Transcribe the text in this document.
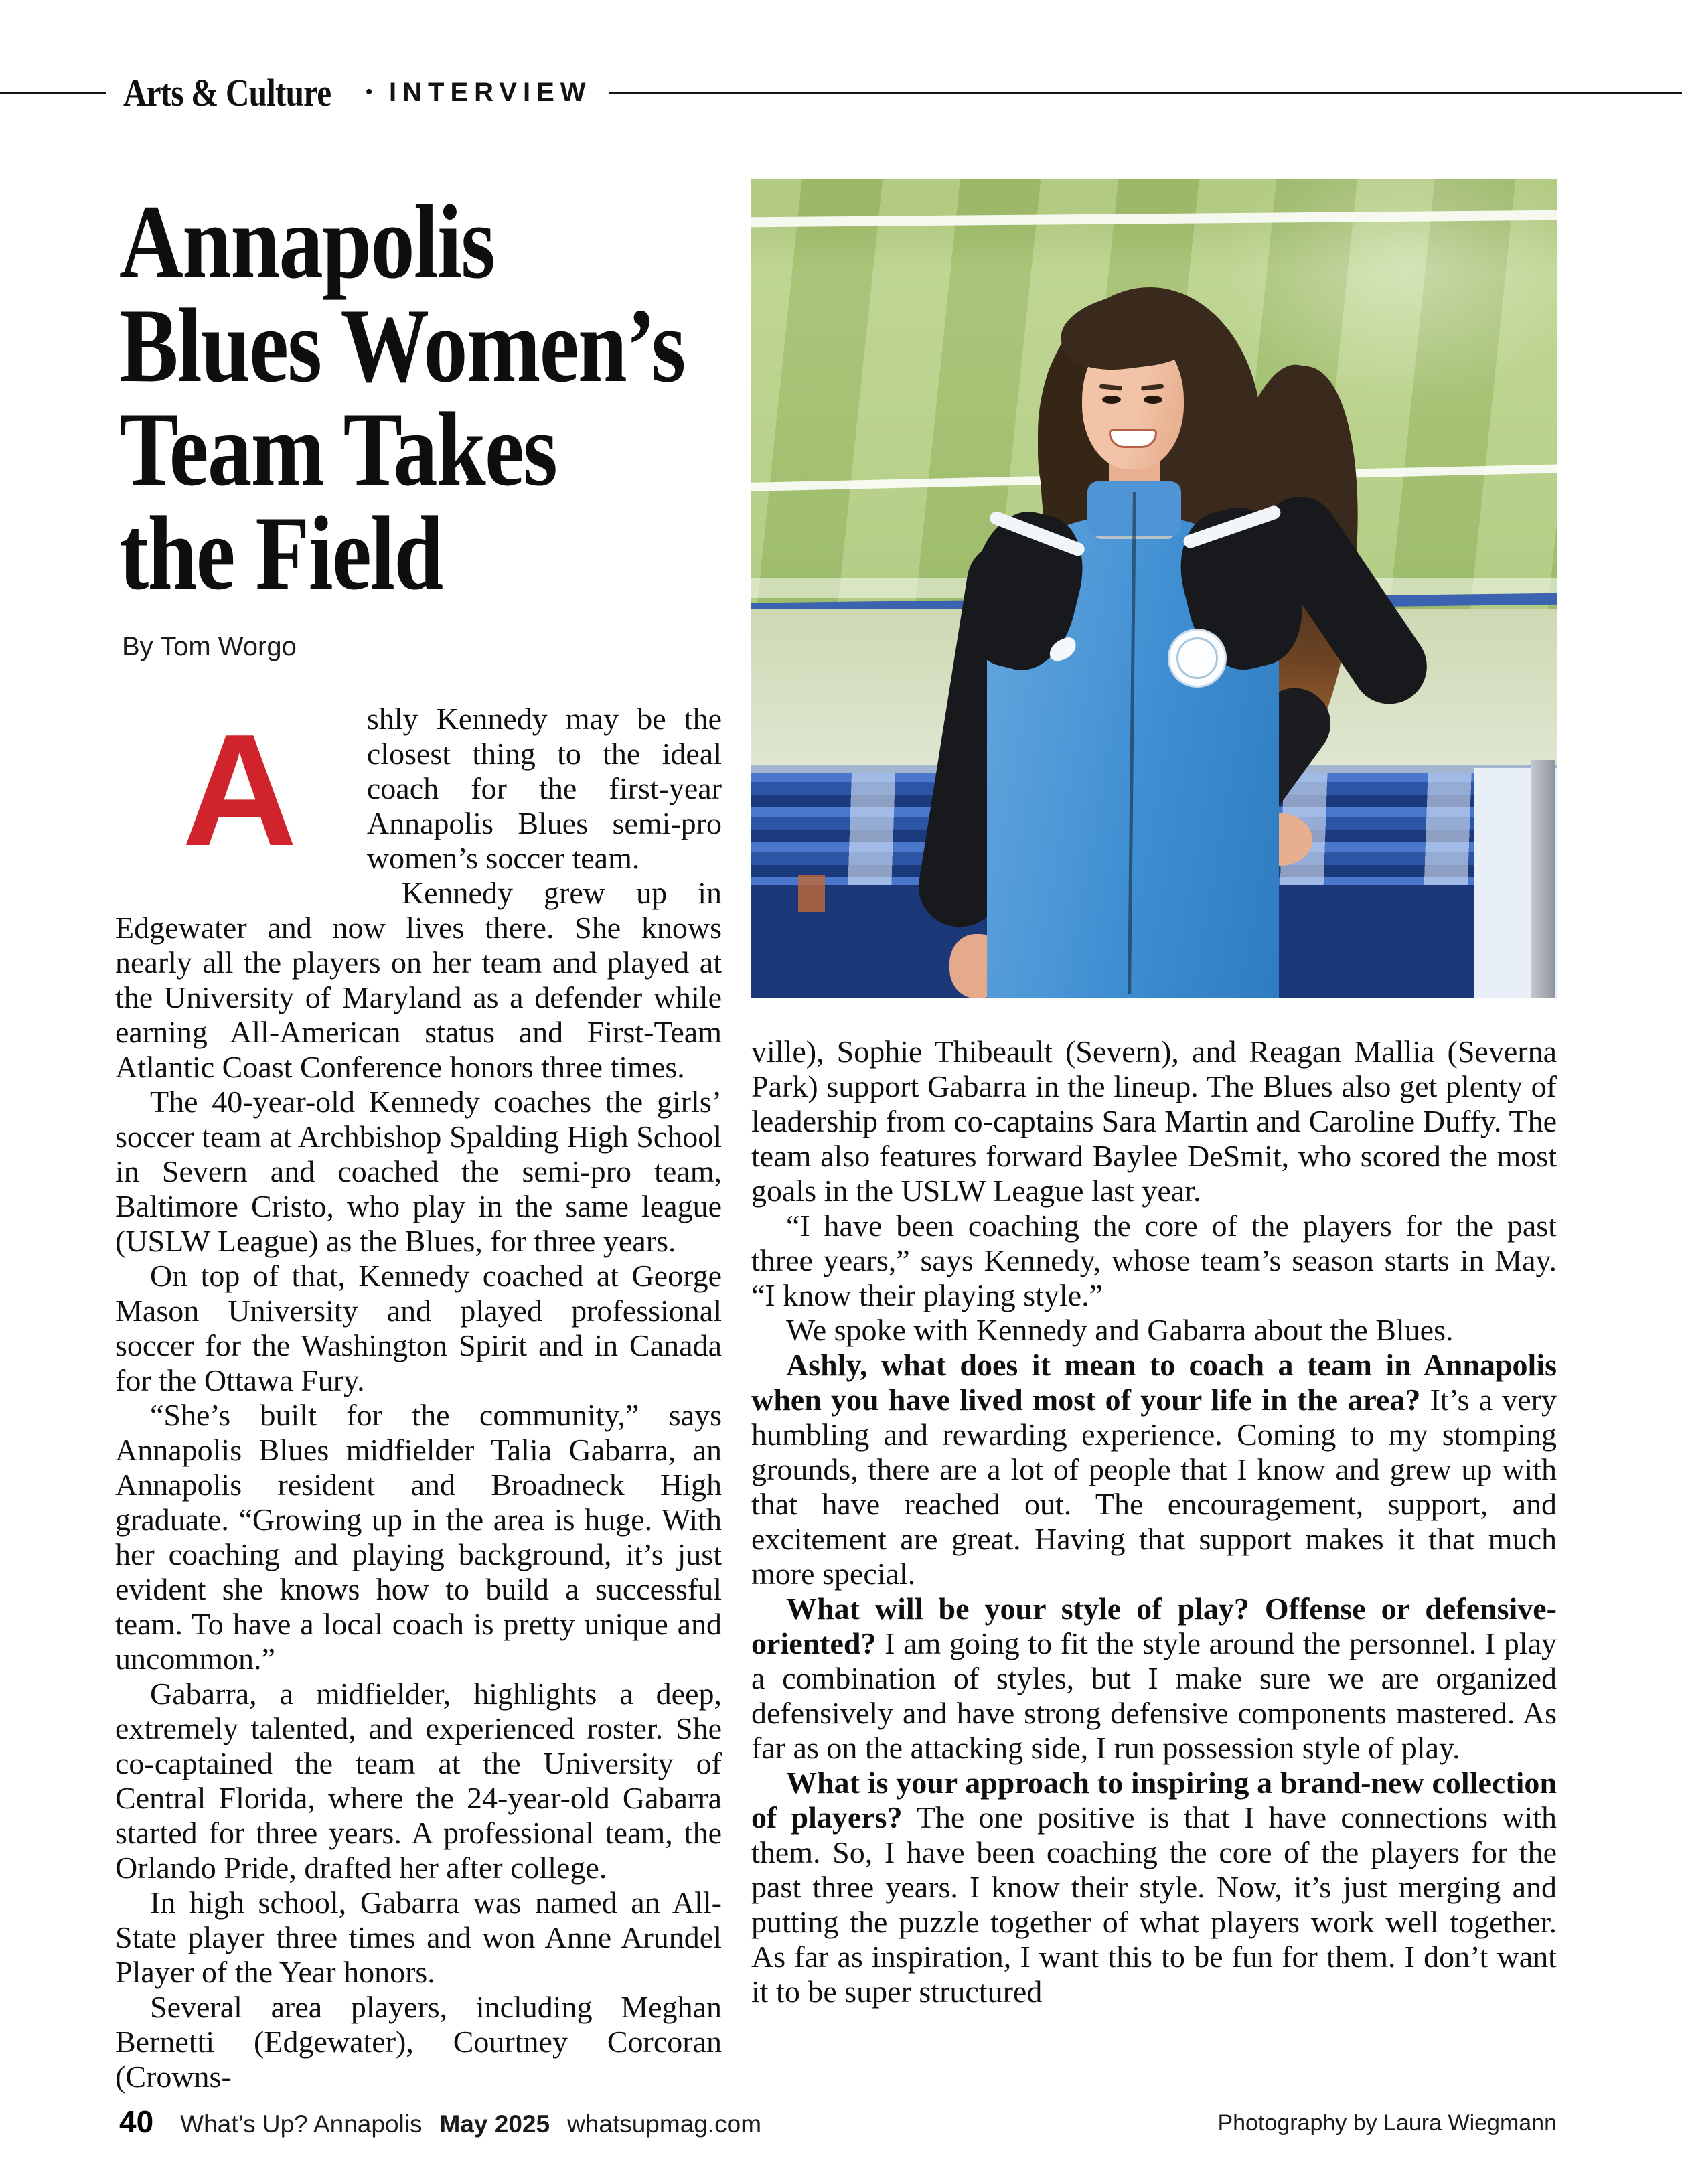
Arts & Culture • INTERVIEW
Annapolis
Blues Women’s
Team Takes
the Field
By Tom Worgo

A shly Kennedy may be the closest thing to the ideal coach for the first-year Annapolis Blues semi-pro women’s soccer team.

Kennedy grew up in Edgewater and now lives there. She knows nearly all the players on her team and played at the University of Maryland as a defender while earning All-American status and First-Team Atlantic Coast Conference honors three times.

The 40-year-old Kennedy coaches the girls’ soccer team at Archbishop Spalding High School in Severn and coached the semi-pro team, Baltimore Cristo, who play in the same league (USLW League) as the Blues, for three years.

On top of that, Kennedy coached at George Mason University and played professional soccer for the Washington Spirit and in Canada for the Ottawa Fury.

“She’s built for the community,” says Annapolis Blues midfielder Talia Gabarra, an Annapolis resident and Broadneck High graduate. “Growing up in the area is huge. With her coaching and playing background, it’s just evident she knows how to build a successful team. To have a local coach is pretty unique and uncommon.”

Gabarra, a midfielder, highlights a deep, extremely talented, and experienced roster. She co-captained the team at the University of Central Florida, where the 24-year-old Gabarra started for three years. A professional team, the Orlando Pride, drafted her after college.

In high school, Gabarra was named an All-State player three times and won Anne Arundel Player of the Year honors.

Several area players, including Meghan Bernetti (Edgewater), Courtney Corcoran (Crowns-

ville), Sophie Thibeault (Severn), and Reagan Mallia (Severna Park) support Gabarra in the lineup. The Blues also get plenty of leadership from co-captains Sara Martin and Caroline Duffy. The team also features forward Baylee DeSmit, who scored the most goals in the USLW League last year.

“I have been coaching the core of the players for the past three years,” says Kennedy, whose team’s season starts in May. “I know their playing style.”

We spoke with Kennedy and Gabarra about the Blues.

Ashly, what does it mean to coach a team in Annapolis when you have lived most of your life in the area? It’s a very humbling and rewarding experience. Coming to my stomping grounds, there are a lot of people that I know and grew up with that have reached out. The encouragement, support, and excitement are great. Having that support makes it that much more special.

What will be your style of play? Offense or defensive-oriented? I am going to fit the style around the personnel. I play a combination of styles, but I make sure we are organized defensively and have strong defensive components mastered. As far as on the attacking side, I run possession style of play.

What is your approach to inspiring a brand-new collection of players? The one positive is that I have connections with them. So, I have been coaching the core of the players for the past three years. I know their style. Now, it’s just merging and putting the puzzle together of what players work well together. As far as inspiration, I want this to be fun for them. I don’t want it to be super structured

40 What’s Up? Annapolis May 2025 whatsupmag.com	Photography by Laura Wiegmann
